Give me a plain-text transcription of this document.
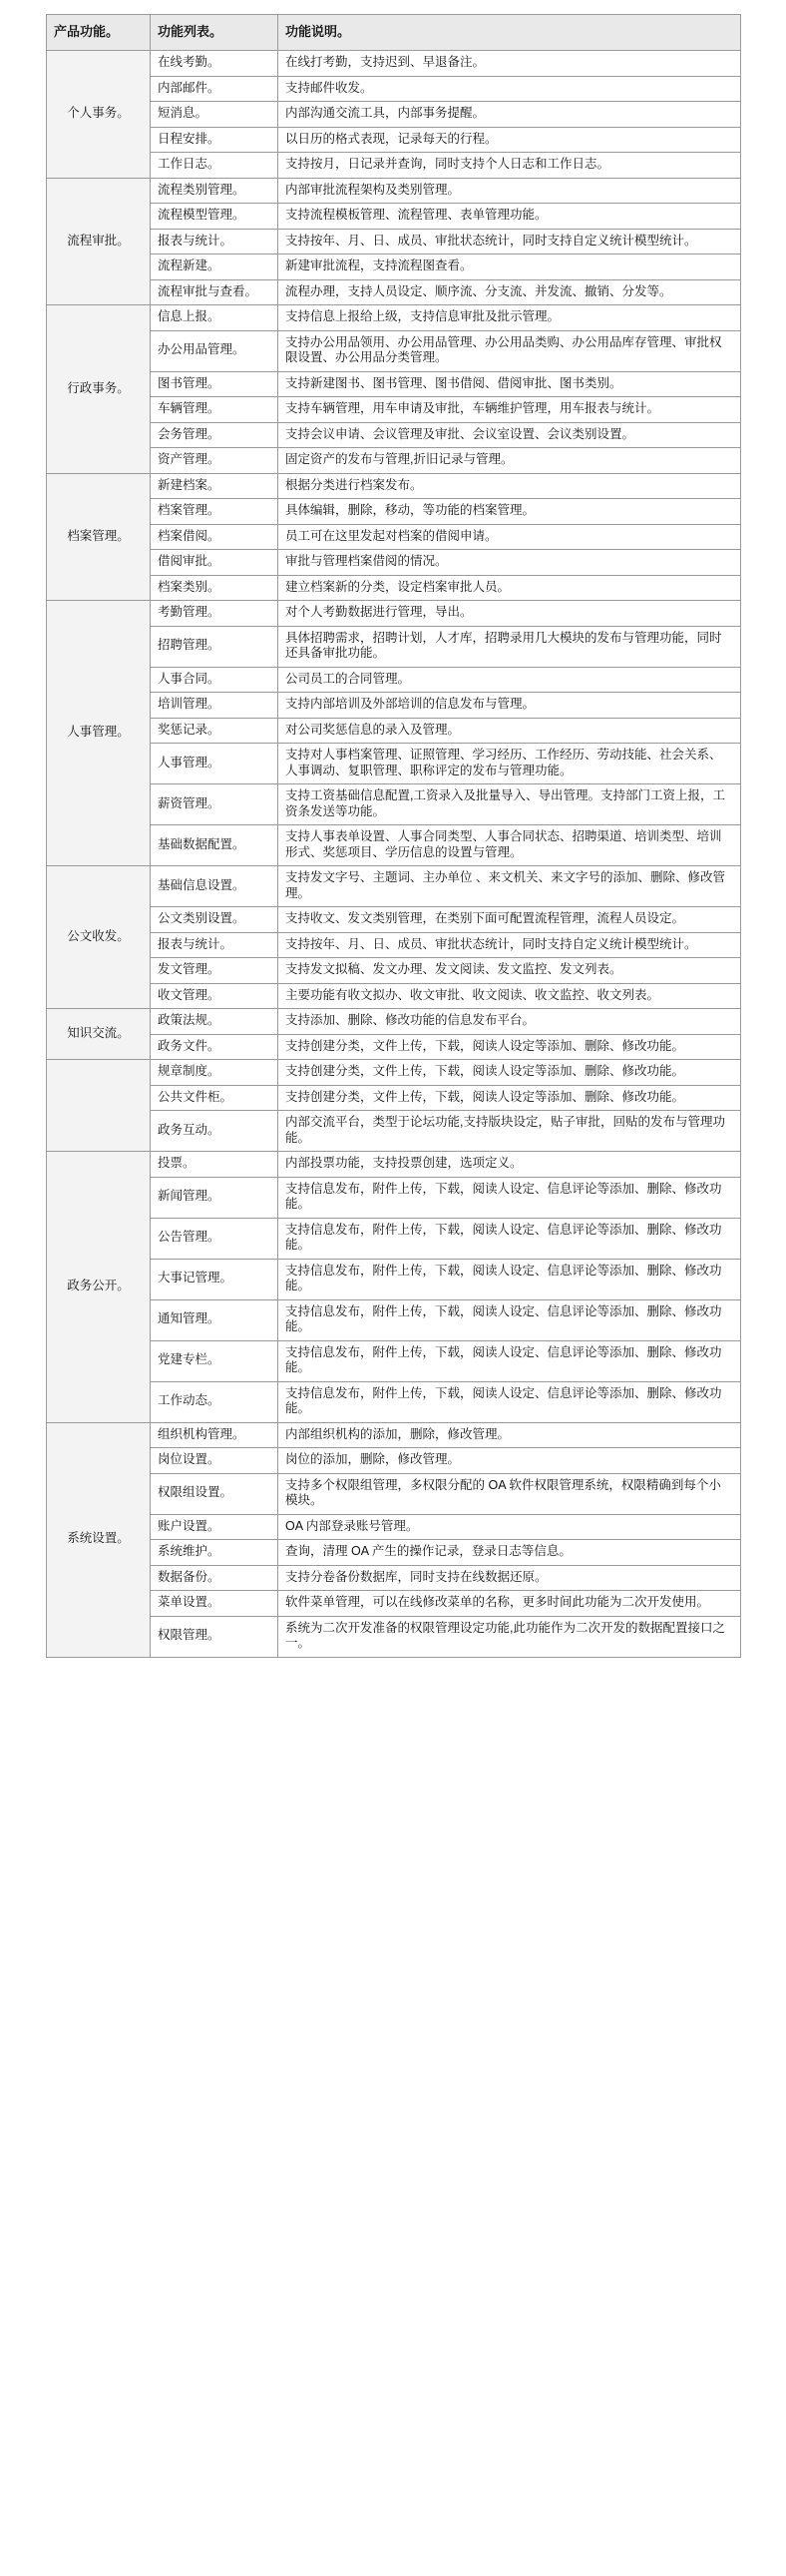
产品功能。	功能列表。	功能说明。
个人事务。	在线考勤。	在线打考勤，支持迟到、早退备注。
	内部邮件。	支持邮件收发。
	短消息。	内部沟通交流工具，内部事务提醒。
	日程安排。	以日历的格式表现，记录每天的行程。
	工作日志。	支持按月，日记录并查询，同时支持个人日志和工作日志。
流程审批。	流程类别管理。	内部审批流程架构及类别管理。
	流程模型管理。	支持流程模板管理、流程管理、表单管理功能。
	报表与统计。	支持按年、月、日、成员、审批状态统计，同时支持自定义统计模型统计。
	流程新建。	新建审批流程，支持流程图查看。
	流程审批与查看。	流程办理，支持人员设定、顺序流、分支流、并发流、撤销、分发等。
行政事务。	信息上报。	支持信息上报给上级，支持信息审批及批示管理。
	办公用品管理。	支持办公用品领用、办公用品管理、办公用品类购、办公用品库存管理、审批权限设置、办公用品分类管理。
	图书管理。	支持新建图书、图书管理、图书借阅、借阅审批、图书类别。
	车辆管理。	支持车辆管理，用车申请及审批，车辆维护管理，用车报表与统计。
	会务管理。	支持会议申请、会议管理及审批、会议室设置、会议类别设置。
	资产管理。	固定资产的发布与管理,折旧记录与管理。
档案管理。	新建档案。	根据分类进行档案发布。
	档案管理。	具体编辑，删除，移动，等功能的档案管理。
	档案借阅。	员工可在这里发起对档案的借阅申请。
	借阅审批。	审批与管理档案借阅的情况。
	档案类别。	建立档案新的分类，设定档案审批人员。
人事管理。	考勤管理。	对个人考勤数据进行管理，导出。
	招聘管理。	具体招聘需求，招聘计划，人才库，招聘录用几大模块的发布与管理功能，同时还具备审批功能。
	人事合同。	公司员工的合同管理。
	培训管理。	支持内部培训及外部培训的信息发布与管理。
	奖惩记录。	对公司奖惩信息的录入及管理。
	人事管理。	支持对人事档案管理、证照管理、学习经历、工作经历、劳动技能、社会关系、人事调动、复职管理、职称评定的发布与管理功能。
	薪资管理。	支持工资基础信息配置,工资录入及批量导入、导出管理。支持部门工资上报，工资条发送等功能。
	基础数据配置。	支持人事表单设置、人事合同类型、人事合同状态、招聘渠道、培训类型、培训形式、奖惩项目、学历信息的设置与管理。
公文收发。	基础信息设置。	支持发文字号、主题词、主办单位 、来文机关、来文字号的添加、删除、修改管理。
	公文类别设置。	支持收文、发文类别管理，在类别下面可配置流程管理，流程人员设定。
	报表与统计。	支持按年、月、日、成员、审批状态统计，同时支持自定义统计模型统计。
	发文管理。	支持发文拟稿、发文办理、发文阅读、发文监控、发文列表。
	收文管理。	主要功能有收文拟办、收文审批、收文阅读、收文监控、收文列表。
知识交流。	政策法规。	支持添加、删除、修改功能的信息发布平台。
	政务文件。	支持创建分类，文件上传，下载，阅读人设定等添加、删除、修改功能。
	规章制度。	支持创建分类，文件上传，下载，阅读人设定等添加、删除、修改功能。
	公共文件柜。	支持创建分类，文件上传，下载，阅读人设定等添加、删除、修改功能。
	政务互动。	内部交流平台，类型于论坛功能,支持版块设定，贴子审批，回贴的发布与管理功能。
政务公开。	投票。	内部投票功能，支持投票创建，选项定义。
	新闻管理。	支持信息发布，附件上传，下载，阅读人设定、信息评论等添加、删除、修改功能。
	公告管理。	支持信息发布，附件上传，下载，阅读人设定、信息评论等添加、删除、修改功能。
	大事记管理。	支持信息发布，附件上传，下载，阅读人设定、信息评论等添加、删除、修改功能。
	通知管理。	支持信息发布，附件上传，下载，阅读人设定、信息评论等添加、删除、修改功能。
	党建专栏。	支持信息发布，附件上传，下载，阅读人设定、信息评论等添加、删除、修改功能。
	工作动态。	支持信息发布，附件上传，下载，阅读人设定、信息评论等添加、删除、修改功能。
系统设置。	组织机构管理。	内部组织机构的添加，删除，修改管理。
	岗位设置。	岗位的添加，删除，修改管理。
	权限组设置。	支持多个权限组管理，多权限分配的 OA 软件权限管理系统，权限精确到每个小模块。
	账户设置。	OA 内部登录账号管理。
	系统维护。	查询，清理 OA 产生的操作记录，登录日志等信息。
	数据备份。	支持分卷备份数据库，同时支持在线数据还原。
	菜单设置。	软件菜单管理，可以在线修改菜单的名称，更多时间此功能为二次开发使用。
	权限管理。	系统为二次开发准备的权限管理设定功能,此功能作为二次开发的数据配置接口之一。
